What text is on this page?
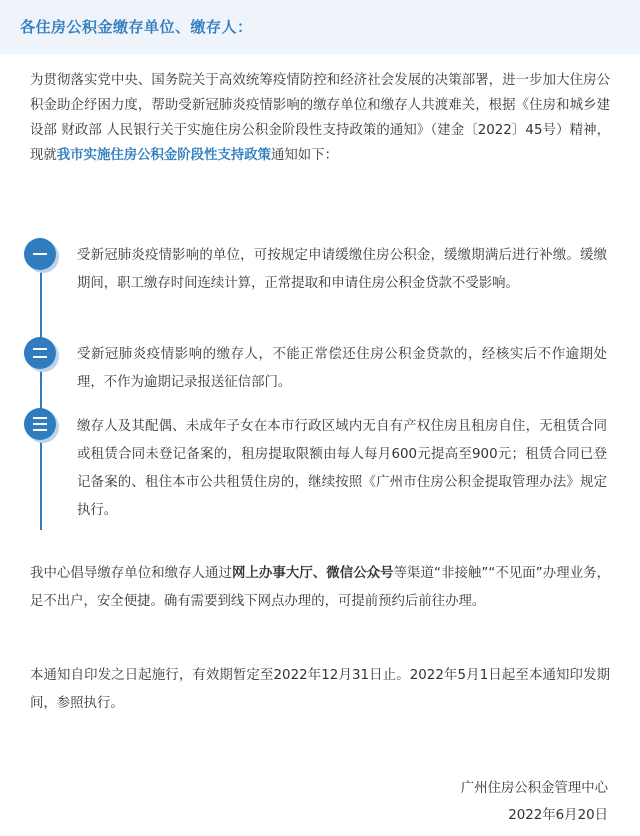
各住房公积金缴存单位、缴存人：
为贯彻落实党中央、国务院关于高效统筹疫情防控和经济社会发展的决策部署，进一步加大住房公积金助企纾困力度，帮助受新冠肺炎疫情影响的缴存单位和缴存人共渡难关，根据《住房和城乡建设部 财政部 人民银行关于实施住房公积金阶段性支持政策的通知》（建金〔2022〕45号）精神，现就我市实施住房公积金阶段性支持政策通知如下：
受新冠肺炎疫情影响的单位，可按规定申请缓缴住房公积金，缓缴期满后进行补缴。缓缴期间，职工缴存时间连续计算，正常提取和申请住房公积金贷款不受影响。
受新冠肺炎疫情影响的缴存人，不能正常偿还住房公积金贷款的，经核实后不作逾期处理，不作为逾期记录报送征信部门。
缴存人及其配偶、未成年子女在本市行政区域内无自有产权住房且租房自住，无租赁合同或租赁合同未登记备案的，租房提取限额由每人每月600元提高至900元；租赁合同已登记备案的、租住本市公共租赁住房的，继续按照《广州市住房公积金提取管理办法》规定执行。
我中心倡导缴存单位和缴存人通过网上办事大厅、微信公众号等渠道“非接触”“不见面”办理业务，足不出户，安全便捷。确有需要到线下网点办理的，可提前预约后前往办理。
本通知自印发之日起施行，有效期暂定至2022年12月31日止。2022年5月1日起至本通知印发期间，参照执行。
广州住房公积金管理中心
2022年6月20日
